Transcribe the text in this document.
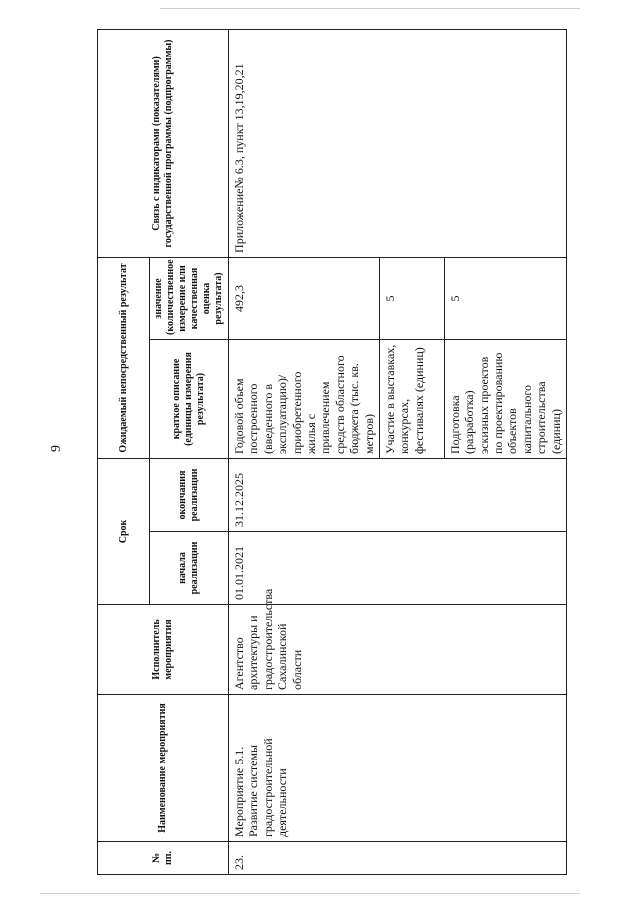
9
№ пп.	Наименование мероприятия	Исполнитель мероприятия	Срок		Ожидаемый непосредственный результат		Связь с индикаторами (показателями) государственной программы (подпрограммы)
			начала реализации	окончания реализации	краткое описание (единицы измерения результата)	значение (количественное измерение или качественная оценка результата)	
23.	Мероприятие 5.1. Развитие системы градостроительной деятельности	Агентство архитектуры и градостроительства Сахалинской области	01.01.2021	31.12.2025	Годовой объем построенного (введенного в эксплуатацию)/приобретенного жилья с привлечением средств областного бюджета (тыс. кв. метров)	492,3	Приложение№ 6.3, пункт 13,19,20,21
					Участие в выставках, конкурсах, фестивалях (единиц)	5	
					Подготовка (разработка) эскизных проектов по проектированию объектов капитального строительства (единиц)	5	
